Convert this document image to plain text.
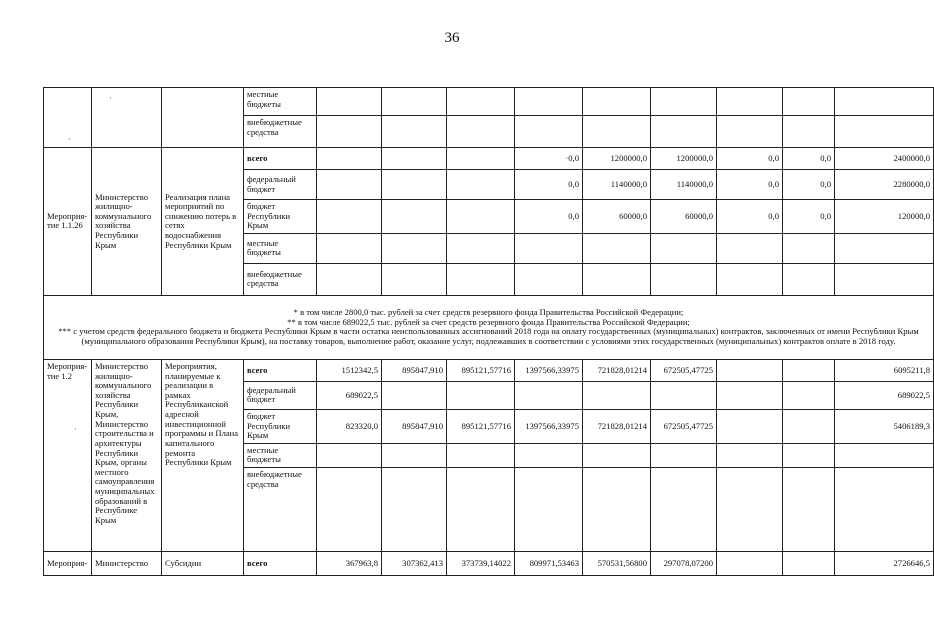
36
			местные бюджеты									
			внебюджетные средства									
Мероприя-тие 1.1.26	Министерство жилищно-коммунального хозяйства Республики Крым	Реализация плана мероприятий по снижению потерь в сетях водоснабжения Республики Крым	всего				·0,0	1200000,0	1200000,0	0,0	0,0	2400000,0
			федеральный бюджет				0,0	1140000,0	1140000,0	0,0	0,0	2280000,0
			бюджет Республики Крым				0,0	60000,0	60000,0	0,0	0,0	120000,0
			местные бюджеты									
			внебюджетные средства									

* в том числе 2800,0 тыс. рублей за счет средств резервного фонда Правительства Российской Федерации;
** в том числе 689022,5 тыс. рублей за счет средств резервного фонда Правительства Российской Федерации;
*** с учетом средств федерального бюджета и бюджета Республики Крым в части остатка неиспользованных ассигнований 2018 года на оплату государственных (муниципальных) контрактов, заключенных от имени Республики Крым (муниципального образования Республики Крым), на поставку товаров, выполнение работ, оказание услуг, подлежавших в соответствии с условиями этих государственных (муниципальных) контрактов оплате в 2018 году.												

Мероприя-тие 1.2	Министерство жилищно-коммунального хозяйства Республики Крым, Министерство строительства и архитектуры Республики Крым, органы местного самоуправления муниципальных образований в Республике Крым	Мероприятия, планируемые к реализации в рамках Республиканской адресной инвестиционной программы и Плана капитального ремонта Республики Крым	всего	1512342,5	895847,910	895121,57716	1397566,33975	721828,01214	672505,47725			6095211,8
			федеральный бюджет	689022,5								689022,5
			бюджет Республики Крым	823320,0	895847,910	895121,57716	1397566,33975	721828,01214	672505,47725			5406189,3
			местные бюджеты									
			внебюджетные средства									
Мероприя-	Министерство	Субсидии	всего	367963,8	307362,413	373739,14022	809971,53463	570531,56800	297078,07200			2726646,5
·
·
·
